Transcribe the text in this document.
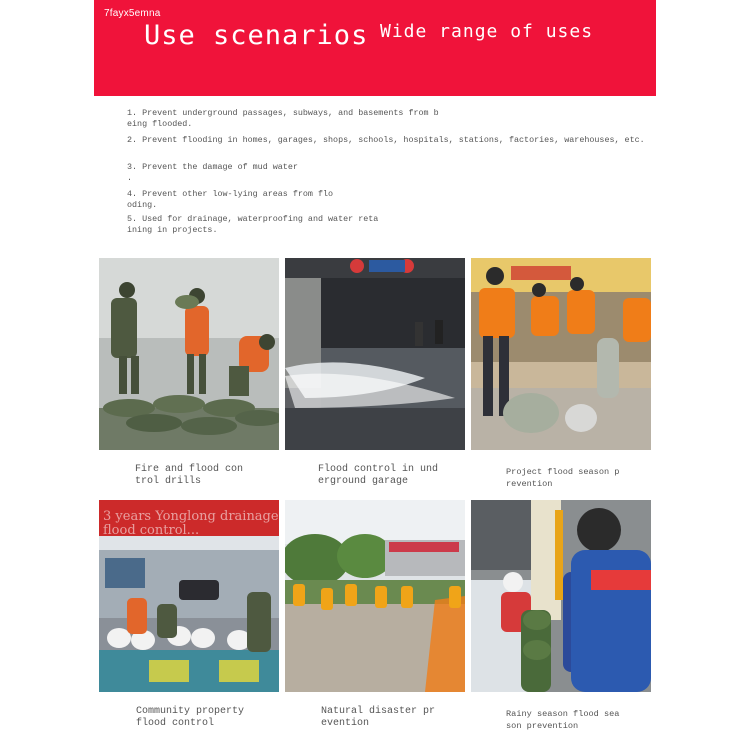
Use scenarios Wide range of uses
7fayx5emna
1. Prevent underground passages, subways, and basements from b
eing flooded.
2. Prevent flooding in homes, garages, shops, schools, hospitals, stations, factories, warehouses, etc.
3. Prevent the damage of mud water
.
4. Prevent other low-lying areas from flo
oding.
5. Used for drainage, waterproofing and water reta
ining in projects.
Fire and flood con
trol drills
Flood control in und
erground garage
Project flood season p
revention
3 years Yonglong drainage
flood control...
Community property
flood control
Natural disaster pr
evention
Rainy season flood sea
son prevention
